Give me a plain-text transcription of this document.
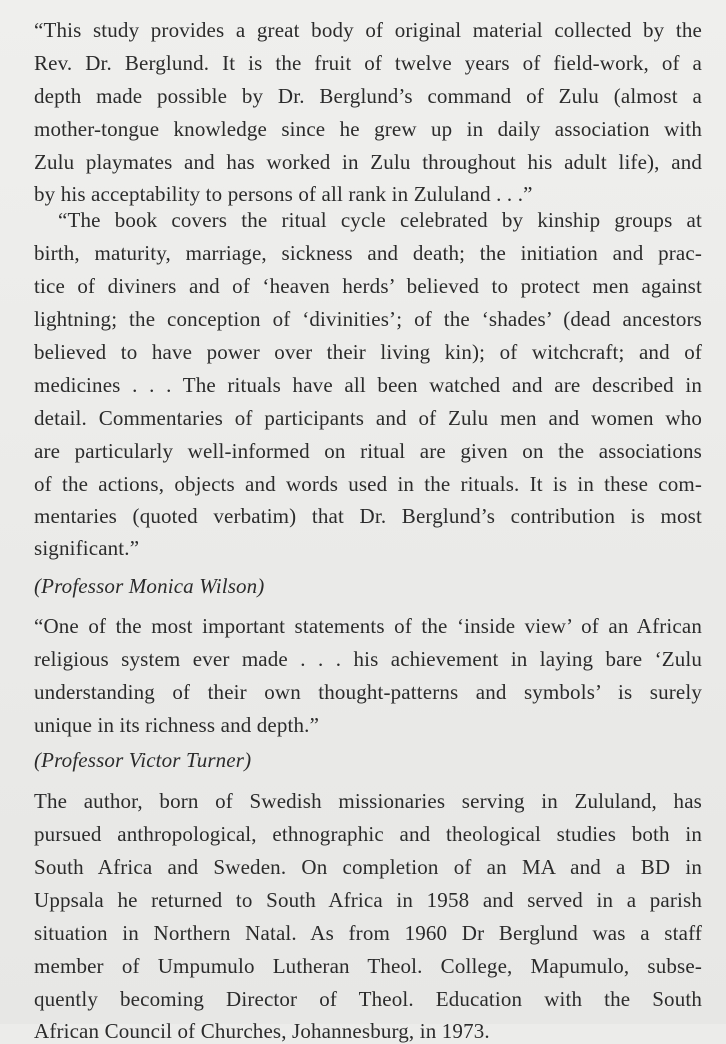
“This study provides a great body of original material collected by the
Rev. Dr. Berglund. It is the fruit of twelve years of field-work, of a
depth made possible by Dr. Berglund’s command of Zulu (almost a
mother-tongue knowledge since he grew up in daily association with
Zulu playmates and has worked in Zulu throughout his adult life), and
by his acceptability to persons of all rank in Zululand . . .”
“The book covers the ritual cycle celebrated by kinship groups at
birth, maturity, marriage, sickness and death; the initiation and prac-
tice of diviners and of ‘heaven herds’ believed to protect men against
lightning; the conception of ‘divinities’; of the ‘shades’ (dead ancestors
believed to have power over their living kin); of witchcraft; and of
medicines . . . The rituals have all been watched and are described in
detail. Commentaries of participants and of Zulu men and women who
are particularly well-informed on ritual are given on the associations
of the actions, objects and words used in the rituals. It is in these com-
mentaries (quoted verbatim) that Dr. Berglund’s contribution is most
significant.”
(Professor Monica Wilson)
“One of the most important statements of the ‘inside view’ of an African
religious system ever made . . . his achievement in laying bare ‘Zulu
understanding of their own thought-patterns and symbols’ is surely
unique in its richness and depth.”
(Professor Victor Turner)
The author, born of Swedish missionaries serving in Zululand, has
pursued anthropological, ethnographic and theological studies both in
South Africa and Sweden. On completion of an MA and a BD in
Uppsala he returned to South Africa in 1958 and served in a parish
situation in Northern Natal. As from 1960 Dr Berglund was a staff
member of Umpumulo Lutheran Theol. College, Mapumulo, subse-
quently becoming Director of Theol. Education with the South
African Council of Churches, Johannesburg, in 1973.
